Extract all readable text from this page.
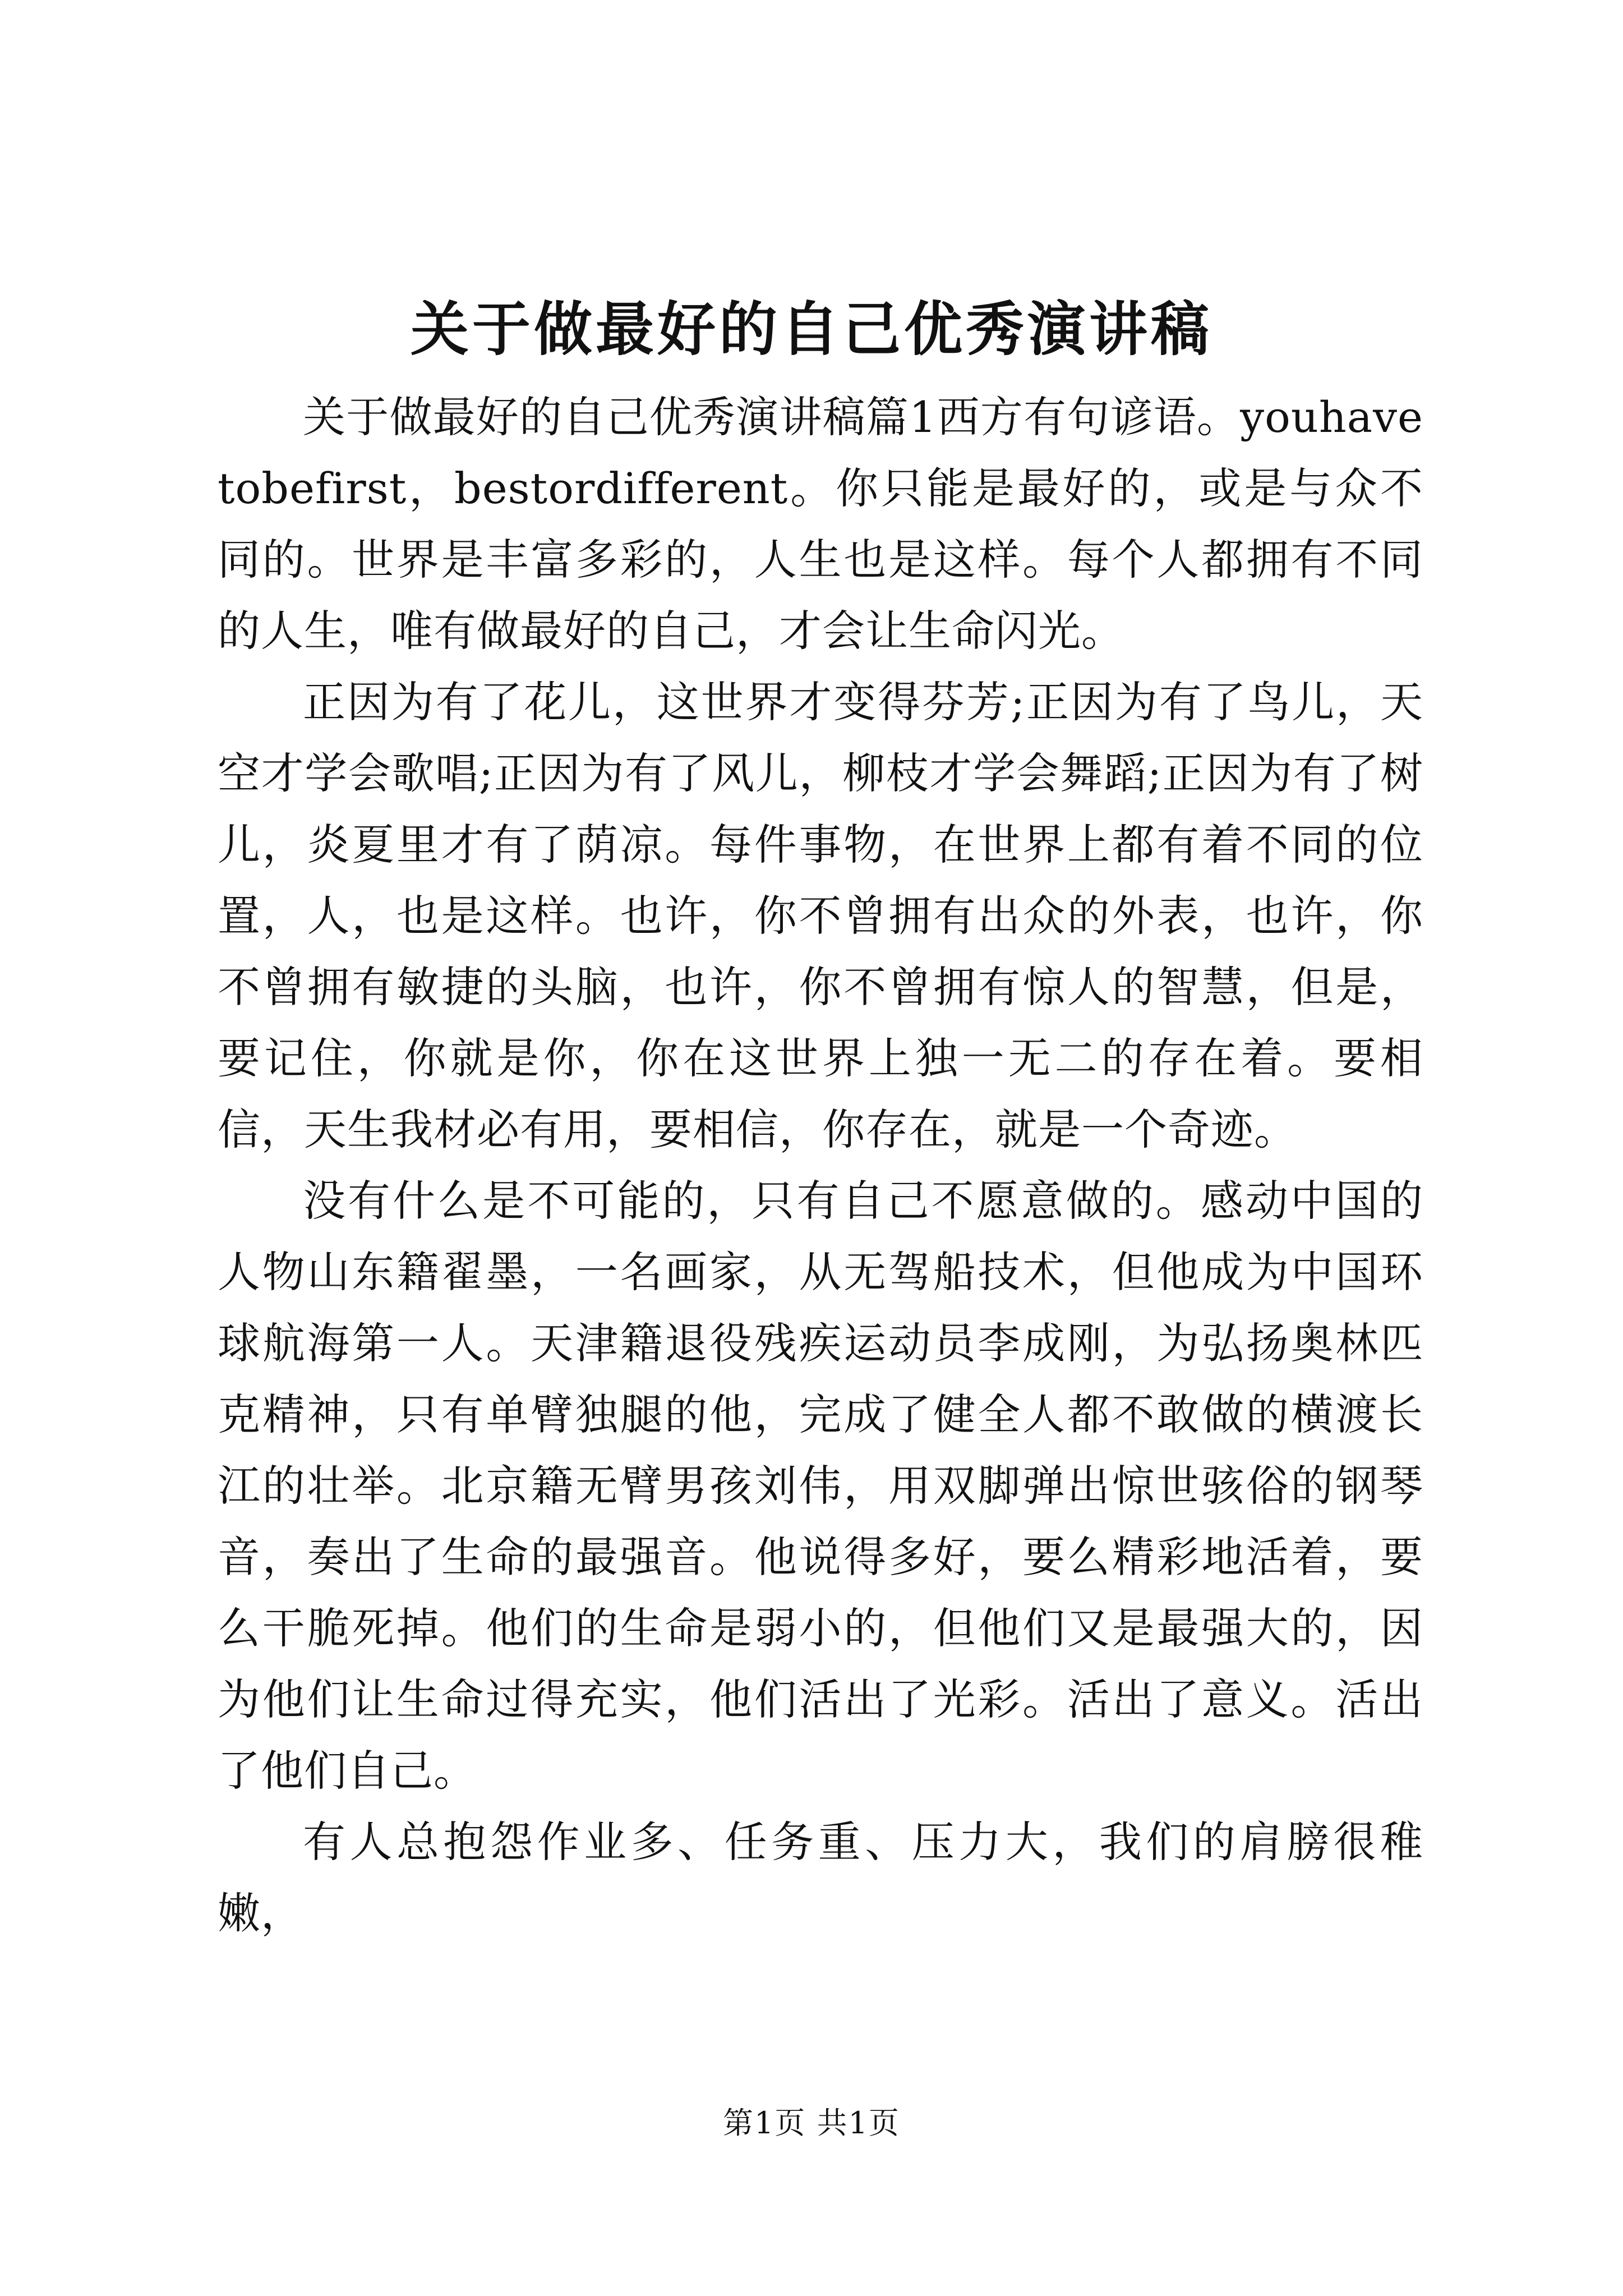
关于做最好的自己优秀演讲稿

关于做最好的自己优秀演讲稿篇1西方有句谚语。youhavetobefirst，bestordifferent。你只能是最好的，或是与众不同的。世界是丰富多彩的，人生也是这样。每个人都拥有不同的人生，唯有做最好的自己，才会让生命闪光。

正因为有了花儿，这世界才变得芬芳;正因为有了鸟儿，天空才学会歌唱;正因为有了风儿，柳枝才学会舞蹈;正因为有了树儿，炎夏里才有了荫凉。每件事物，在世界上都有着不同的位置，人，也是这样。也许，你不曾拥有出众的外表，也许，你不曾拥有敏捷的头脑，也许，你不曾拥有惊人的智慧，但是，要记住，你就是你，你在这世界上独一无二的存在着。要相信，天生我材必有用，要相信，你存在，就是一个奇迹。

没有什么是不可能的，只有自己不愿意做的。感动中国的人物山东籍翟墨，一名画家，从无驾船技术，但他成为中国环球航海第一人。天津籍退役残疾运动员李成刚，为弘扬奥林匹克精神，只有单臂独腿的他，完成了健全人都不敢做的横渡长江的壮举。北京籍无臂男孩刘伟，用双脚弹出惊世骇俗的钢琴音，奏出了生命的最强音。他说得多好，要么精彩地活着，要么干脆死掉。他们的生命是弱小的，但他们又是最强大的，因为他们让生命过得充实，他们活出了光彩。活出了意义。活出了他们自己。

有人总抱怨作业多、任务重、压力大，我们的肩膀很稚嫩，

第1页 共1页
